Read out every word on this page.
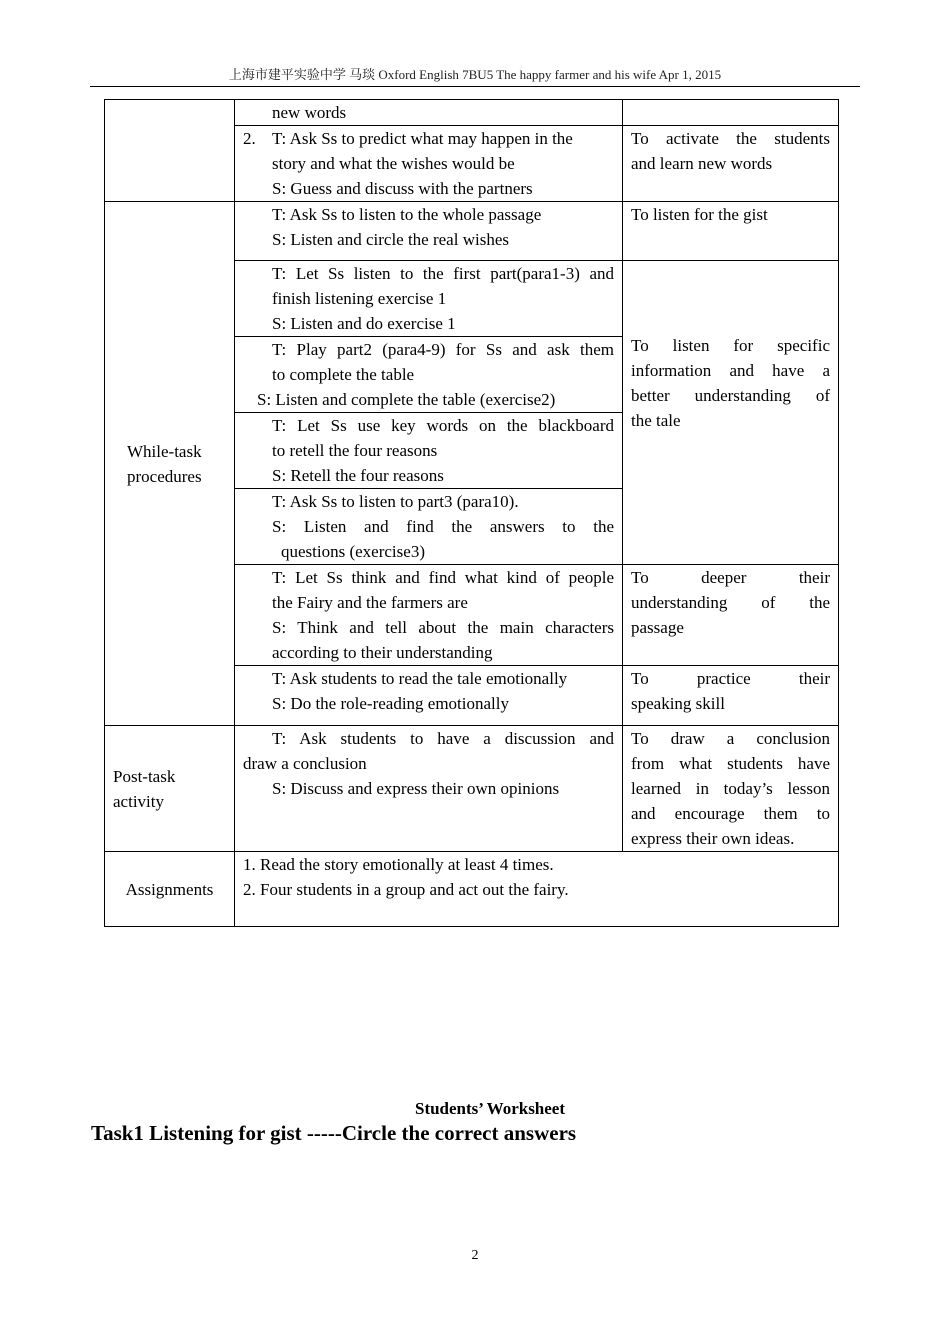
上海市建平实验中学 马琰 Oxford English 7BU5 The happy farmer and his wife Apr 1, 2015

	new words	

	2. T: Ask Ss to predict what may happen in the
story and what the wishes would be
S: Guess and discuss with the partners	To activate the students
and learn new words

While-task
procedures	T: Ask Ss to listen to the whole passage
S: Listen and circle the real wishes	To listen for the gist

	T: Let Ss listen to the first part(para1-3) and
finish listening exercise 1
S: Listen and do exercise 1	To listen for specific
information and have a
better understanding of
the tale

	T: Play part2 (para4-9) for Ss and ask them
to complete the table
S: Listen and complete the table (exercise2)	

	T: Let Ss use key words on the blackboard
to retell the four reasons
S: Retell the four reasons	

	T: Ask Ss to listen to part3 (para10).
S: Listen and find the answers to the
questions (exercise3)	

	T: Let Ss think and find what kind of people
the Fairy and the farmers are
S: Think and tell about the main characters
according to their understanding	To deeper their
understanding of the
passage

	T: Ask students to read the tale emotionally
S: Do the role-reading emotionally	To practice their
speaking skill

Post-task
activity	T: Ask students to have a discussion and
draw a conclusion
S: Discuss and express their own opinions	To draw a conclusion
from what students have
learned in today’s lesson
and encourage them to
express their own ideas.

Assignments	1. Read the story emotionally at least 4 times.
2. Four students in a group and act out the fairy.	
Students’ Worksheet
Task1 Listening for gist -----Circle the correct answers
2
